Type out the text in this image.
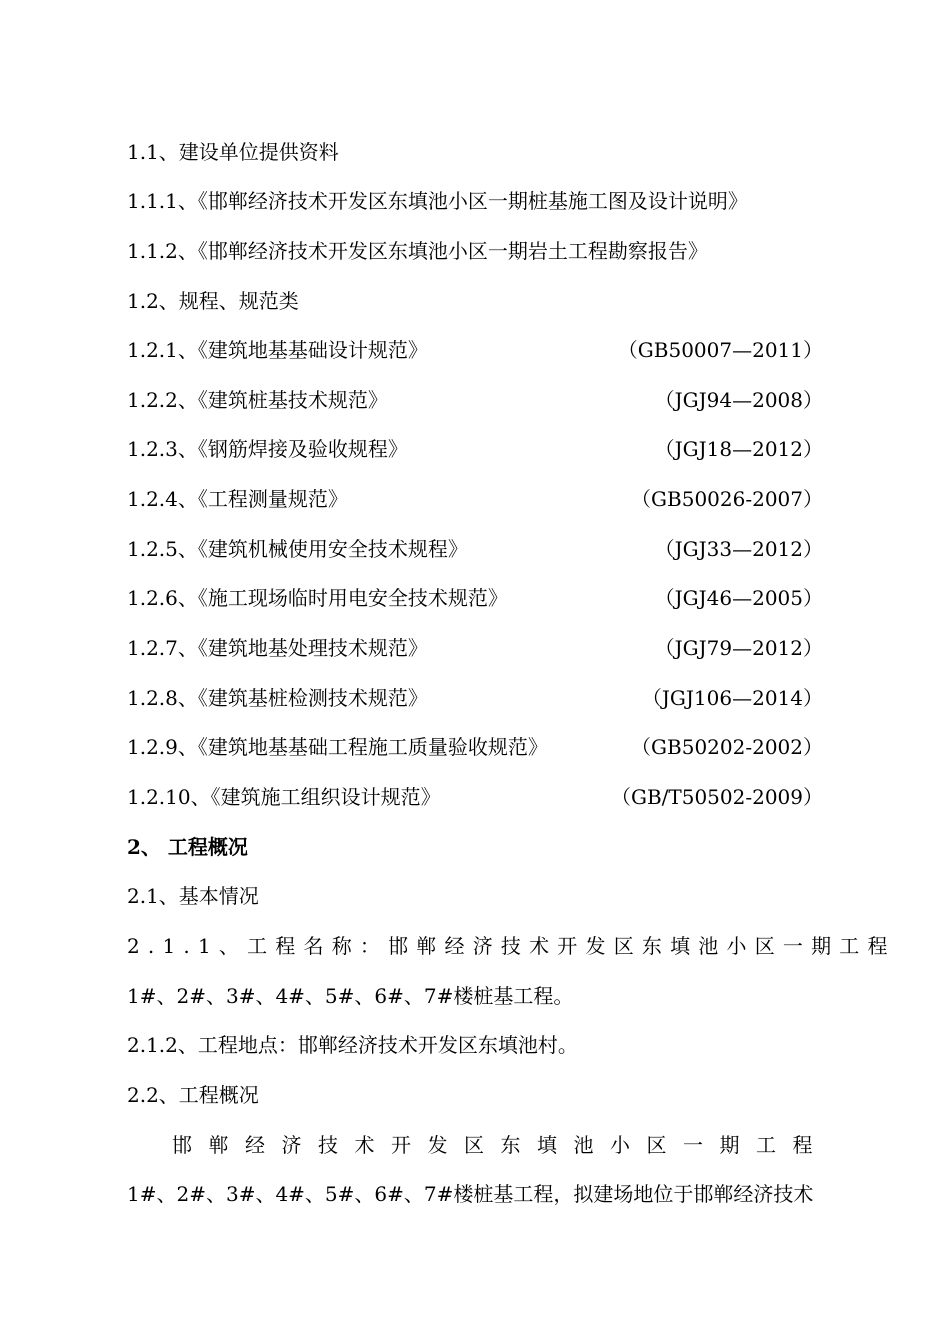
1.1、建设单位提供资料
1.1.1、《邯郸经济技术开发区东填池小区一期桩基施工图及设计说明》
1.1.2、《邯郸经济技术开发区东填池小区一期岩土工程勘察报告》
1.2、规程、规范类
1.2.1、《建筑地基基础设计规范》	（GB50007—2011）
1.2.2、《建筑桩基技术规范》	（JGJ94—2008）
1.2.3、《钢筋焊接及验收规程》	（JGJ18—2012）
1.2.4、《工程测量规范》	（GB50026-2007）
1.2.5、《建筑机械使用安全技术规程》	（JGJ33—2012）
1.2.6、《施工现场临时用电安全技术规范》	（JGJ46—2005）
1.2.7、《建筑地基处理技术规范》	（JGJ79—2012）
1.2.8、《建筑基桩检测技术规范》	（JGJ106—2014）
1.2.9、《建筑地基基础工程施工质量验收规范》	（GB50202-2002）
1.2.10、《建筑施工组织设计规范》	（GB/T50502-2009）
2、 工程概况
2.1、基本情况
2.1.1、工程名称：邯郸经济技术开发区东填池小区一期工程
1#、2#、3#、4#、5#、6#、7#楼桩基工程。
2.1.2、工程地点：邯郸经济技术开发区东填池村。
2.2、工程概况
邯郸经济技术开发区东填池小区一期工程
1#、2#、3#、4#、5#、6#、7#楼桩基工程，拟建场地位于邯郸经济技术
